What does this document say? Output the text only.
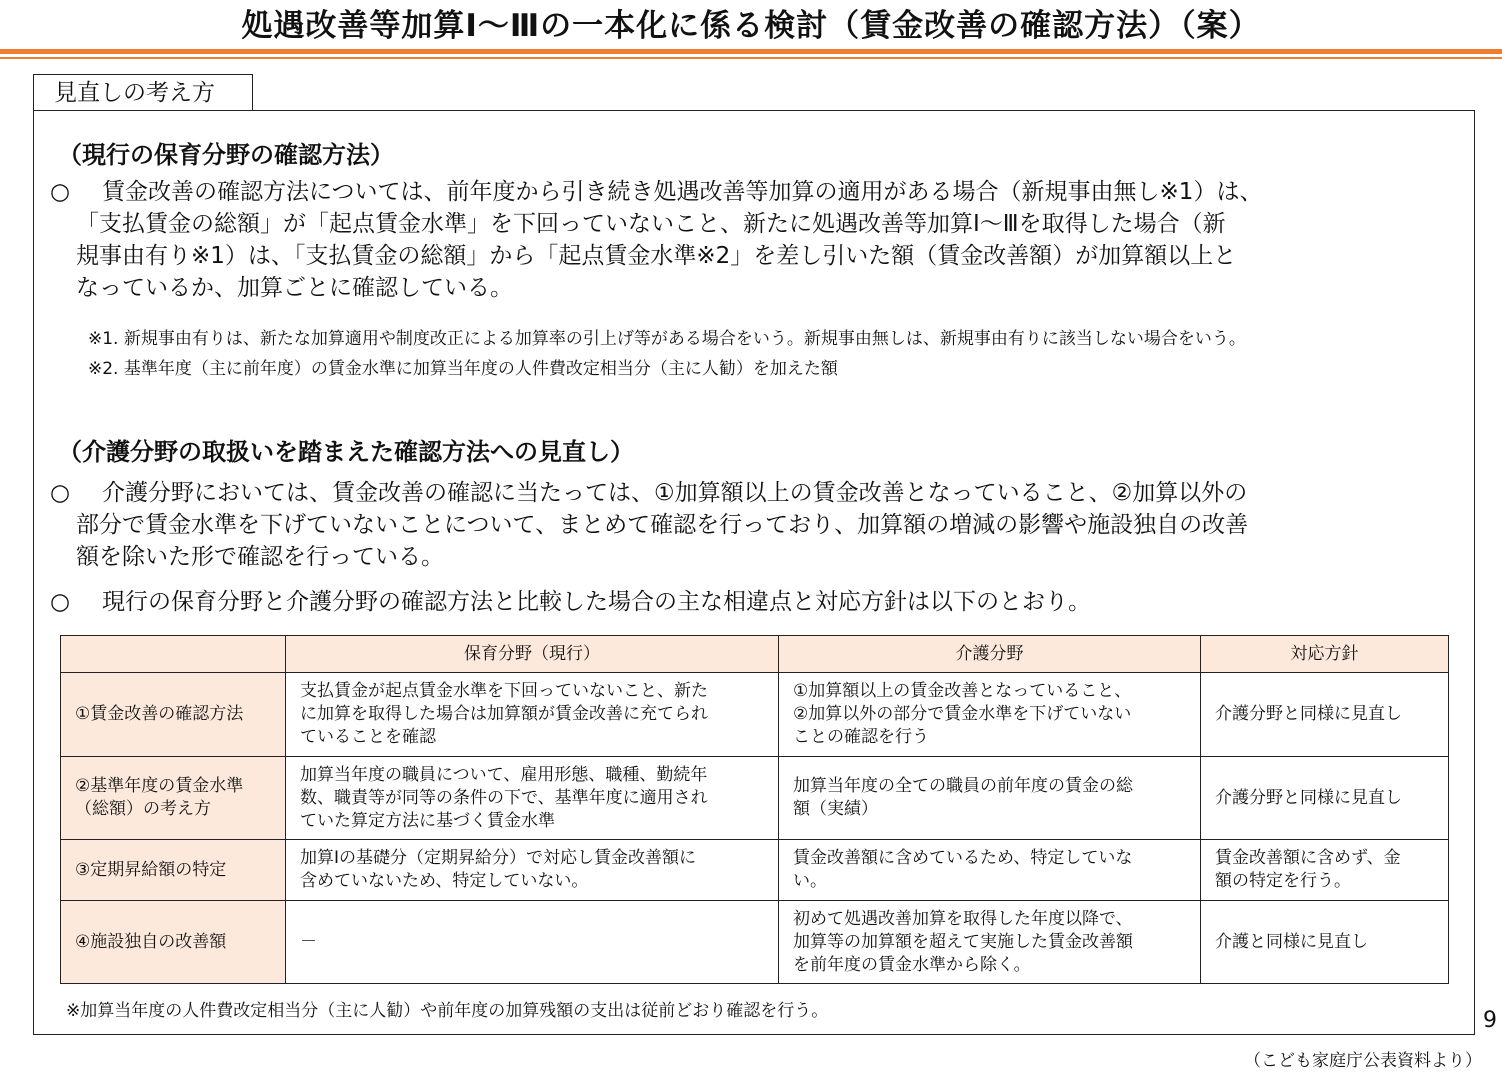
処遇改善等加算Ⅰ～Ⅲの一本化に係る検討（賃金改善の確認方法）（案）
見直しの考え方

（現行の保育分野の確認方法）

○ 賃金改善の確認方法については、前年度から引き続き処遇改善等加算の適用がある場合（新規事由無し※1）は、

「支払賃金の総額」が「起点賃金水準」を下回っていないこと、新たに処遇改善等加算Ⅰ～Ⅲを取得した場合（新

規事由有り※1）は、「支払賃金の総額」から「起点賃金水準※2」を差し引いた額（賃金改善額）が加算額以上と

なっているか、加算ごとに確認している。

※1. 新規事由有りは、新たな加算適用や制度改正による加算率の引上げ等がある場合をいう。新規事由無しは、新規事由有りに該当しない場合をいう。

※2. 基準年度（主に前年度）の賃金水準に加算当年度の人件費改定相当分（主に人勧）を加えた額

（介護分野の取扱いを踏まえた確認方法への見直し）

○ 介護分野においては、賃金改善の確認に当たっては、①加算額以上の賃金改善となっていること、②加算以外の

部分で賃金水準を下げていないことについて、まとめて確認を行っており、加算額の増減の影響や施設独自の改善

額を除いた形で確認を行っている。

○ 現行の保育分野と介護分野の確認方法と比較した場合の主な相違点と対応方針は以下のとおり。

	保育分野（現行）	介護分野	対応方針
①賃金改善の確認方法	支払賃金が起点賃金水準を下回っていないこと、新た
に加算を取得した場合は加算額が賃金改善に充てられ
ていることを確認	①加算額以上の賃金改善となっていること、
②加算以外の部分で賃金水準を下げていない
ことの確認を行う	介護分野と同様に見直し
②基準年度の賃金水準
（総額）の考え方	加算当年度の職員について、雇用形態、職種、勤続年
数、職責等が同等の条件の下で、基準年度に適用され
ていた算定方法に基づく賃金水準	加算当年度の全ての職員の前年度の賃金の総
額（実績）	介護分野と同様に見直し
③定期昇給額の特定	加算Ⅰの基礎分（定期昇給分）で対応し賃金改善額に
含めていないため、特定していない。	賃金改善額に含めているため、特定していな
い。	賃金改善額に含めず、金
額の特定を行う。
④施設独自の改善額	－	初めて処遇改善加算を取得した年度以降で、
加算等の加算額を超えて実施した賃金改善額
を前年度の賃金水準から除く。	介護と同様に見直し

※加算当年度の人件費改定相当分（主に人勧）や前年度の加算残額の支出は従前どおり確認を行う。	9
（こども家庭庁公表資料より）
